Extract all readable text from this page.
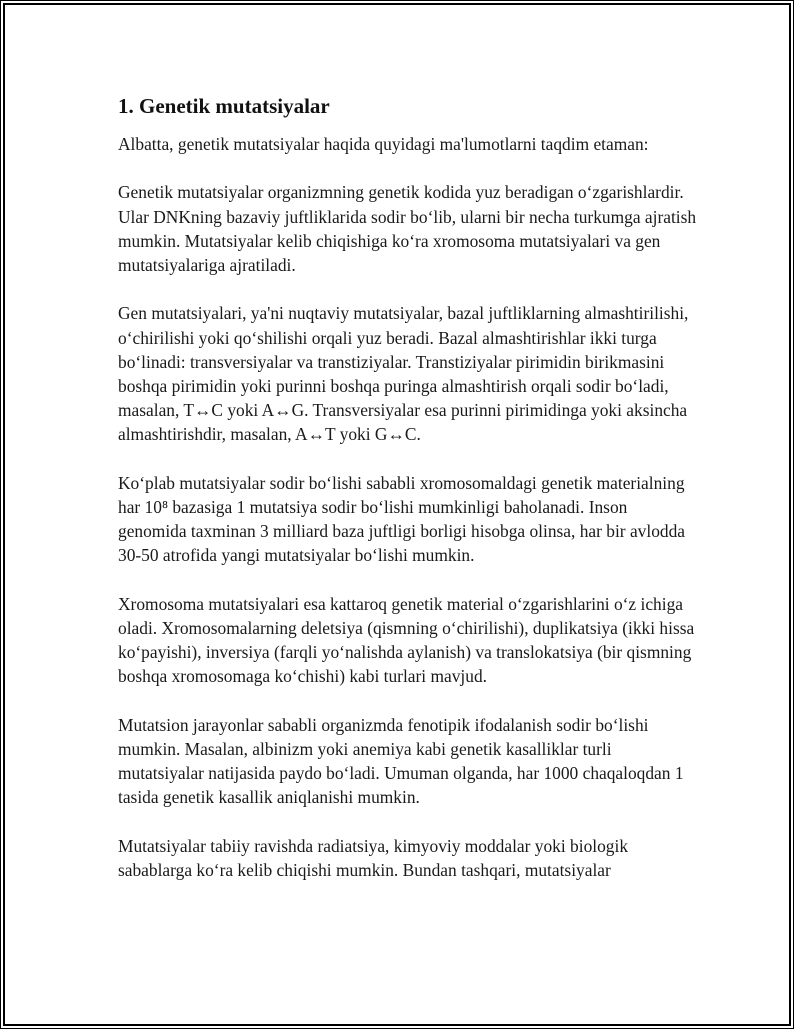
1. Genetik mutatsiyalar

Albatta, genetik mutatsiyalar haqida quyidagi ma'lumotlarni taqdim etaman:

Genetik mutatsiyalar organizmning genetik kodida yuz beradigan o‘zgarishlardir. Ular DNKning bazaviy juftliklarida sodir bo‘lib, ularni bir necha turkumga ajratish mumkin. Mutatsiyalar kelib chiqishiga ko‘ra xromosoma mutatsiyalari va gen mutatsiyalariga ajratiladi.

Gen mutatsiyalari, ya'ni nuqtaviy mutatsiyalar, bazal juftliklarning almashtirilishi, o‘chirilishi yoki qo‘shilishi orqali yuz beradi. Bazal almashtirishlar ikki turga bo‘linadi: transversiyalar va transtiziyalar. Transtiziyalar pirimidin birikmasini boshqa pirimidin yoki purinni boshqa puringa almashtirish orqali sodir bo‘ladi, masalan, T↔C yoki A↔G. Transversiyalar esa purinni pirimidinga yoki aksincha almashtirishdir, masalan, A↔T yoki G↔C.

Ko‘plab mutatsiyalar sodir bo‘lishi sababli xromosomaldagi genetik materialning har 10⁸ bazasiga 1 mutatsiya sodir bo‘lishi mumkinligi baholanadi. Inson genomida taxminan 3 milliard baza juftligi borligi hisobga olinsa, har bir avlodda 30-50 atrofida yangi mutatsiyalar bo‘lishi mumkin.

Xromosoma mutatsiyalari esa kattaroq genetik material o‘zgarishlarini o‘z ichiga oladi. Xromosomalarning deletsiya (qismning o‘chirilishi), duplikatsiya (ikki hissa ko‘payishi), inversiya (farqli yo‘nalishda aylanish) va translokatsiya (bir qismning boshqa xromosomaga ko‘chishi) kabi turlari mavjud.

Mutatsion jarayonlar sababli organizmda fenotipik ifodalanish sodir bo‘lishi mumkin. Masalan, albinizm yoki anemiya kabi genetik kasalliklar turli mutatsiyalar natijasida paydo bo‘ladi. Umuman olganda, har 1000 chaqaloqdan 1 tasida genetik kasallik aniqlanishi mumkin.

Mutatsiyalar tabiiy ravishda radiatsiya, kimyoviy moddalar yoki biologik sabablarga ko‘ra kelib chiqishi mumkin. Bundan tashqari, mutatsiyalar
